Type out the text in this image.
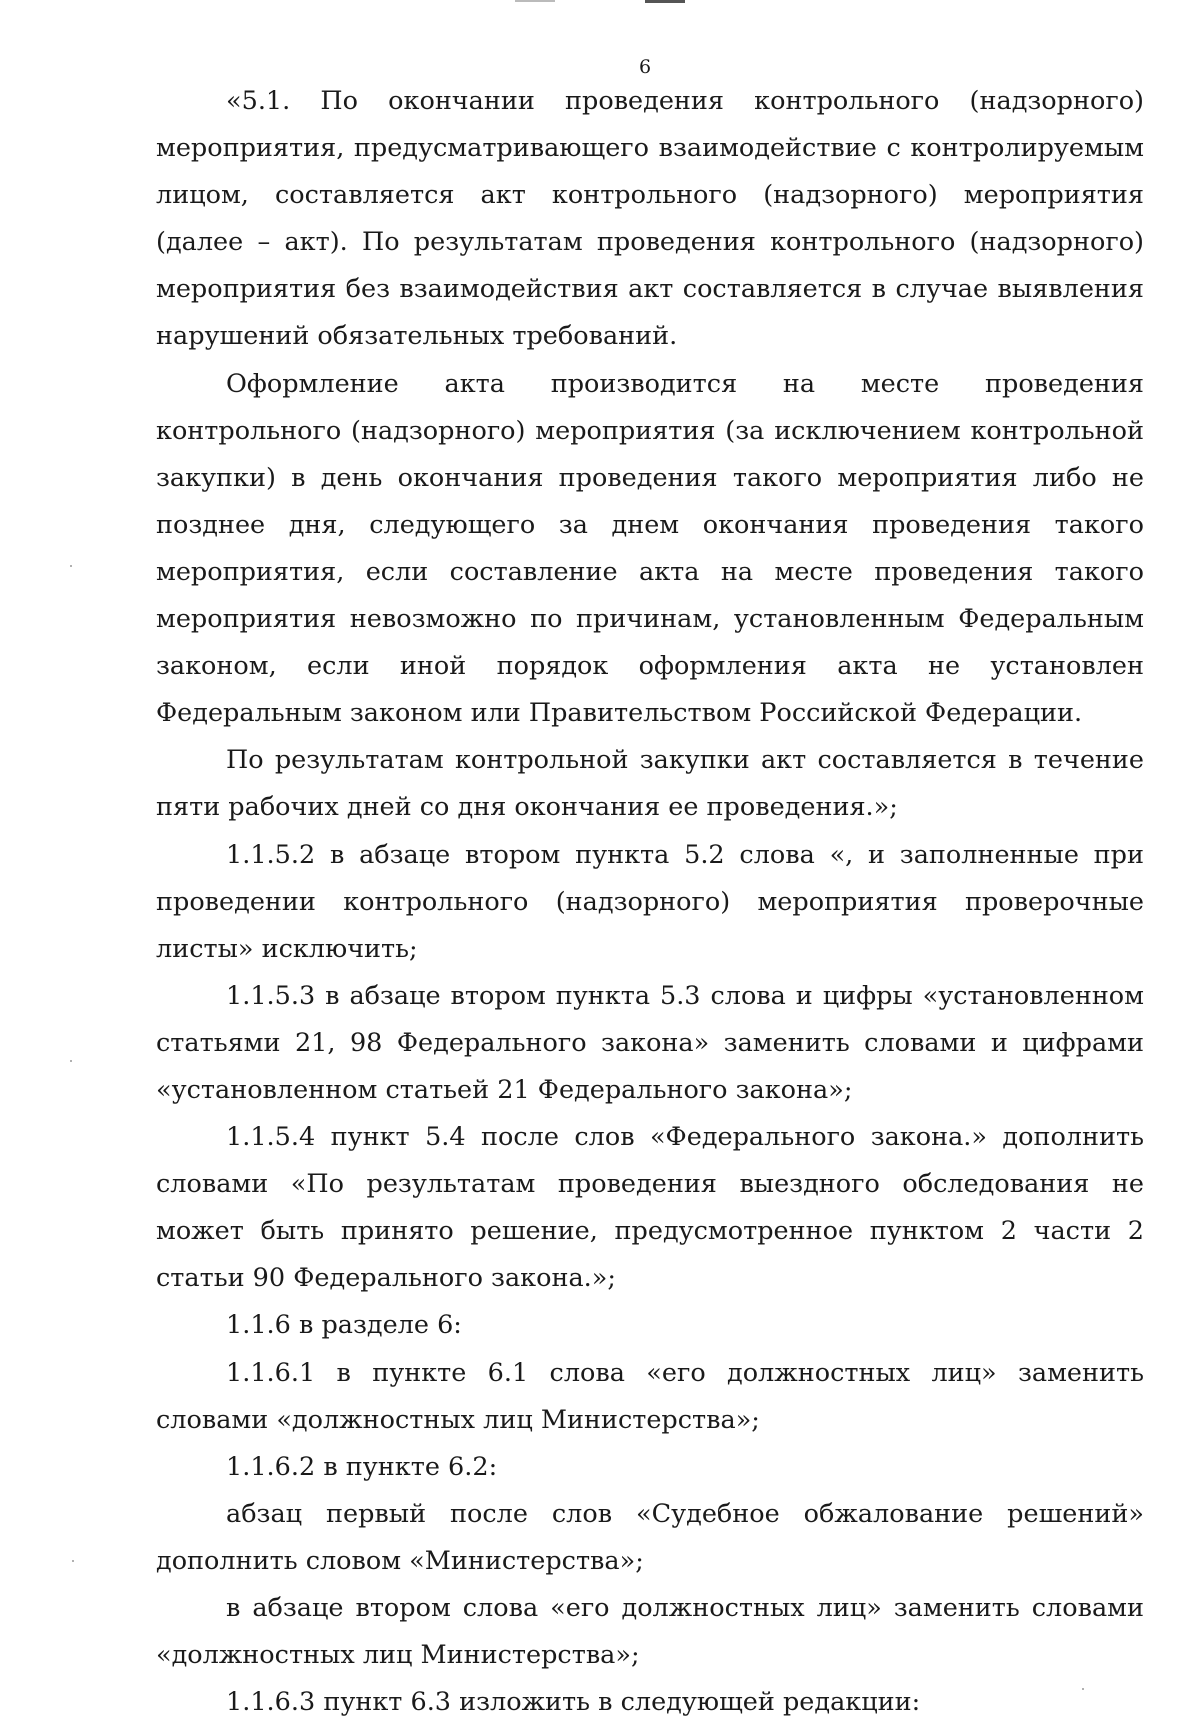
6

«5.1. По окончании проведения контрольного (надзорного) мероприятия, предусматривающего взаимодействие с контролируемым лицом, составляется акт контрольного (надзорного) мероприятия (далее – акт). По результатам проведения контрольного (надзорного) мероприятия без взаимодействия акт составляется в случае выявления нарушений обязательных требований.

Оформление акта производится на месте проведения контрольного (надзорного) мероприятия (за исключением контрольной закупки) в день окончания проведения такого мероприятия либо не позднее дня, следующего за днем окончания проведения такого мероприятия, если составление акта на месте проведения такого мероприятия невозможно по причинам, установленным Федеральным законом, если иной порядок оформления акта не установлен Федеральным законом или Правительством Российской Федерации.

По результатам контрольной закупки акт составляется в течение пяти рабочих дней со дня окончания ее проведения.»;

1.1.5.2 в абзаце втором пункта 5.2 слова «, и заполненные при проведении контрольного (надзорного) мероприятия проверочные листы» исключить;

1.1.5.3 в абзаце втором пункта 5.3 слова и цифры «установленном статьями 21, 98 Федерального закона» заменить словами и цифрами «установленном статьей 21 Федерального закона»;

1.1.5.4 пункт 5.4 после слов «Федерального закона.» дополнить словами «По результатам проведения выездного обследования не может быть принято решение, предусмотренное пунктом 2 части 2 статьи 90 Федерального закона.»;

1.1.6 в разделе 6:

1.1.6.1 в пункте 6.1 слова «его должностных лиц» заменить словами «должностных лиц Министерства»;

1.1.6.2 в пункте 6.2:

абзац первый после слов «Судебное обжалование решений» дополнить словом «Министерства»;

в абзаце втором слова «его должностных лиц» заменить словами «должностных лиц Министерства»;

1.1.6.3 пункт 6.3 изложить в следующей редакции:
